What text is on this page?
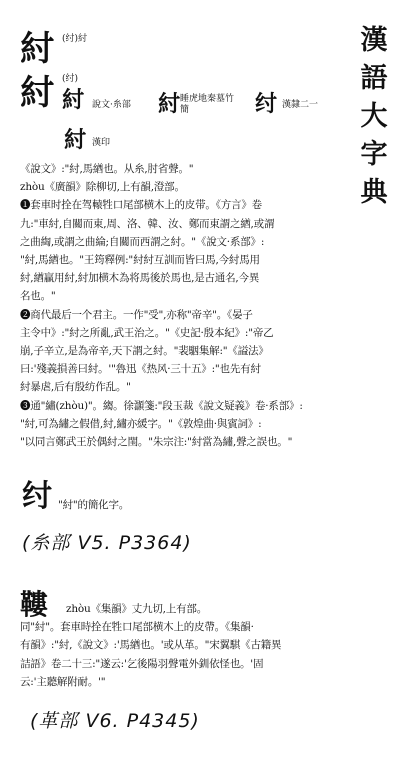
漢
語
大
字
典
紂 (纣)紂
紂 (纣)
紂 說文·糸部 紂 睡虎地秦墓竹簡	纣 漢隸二一
紂 漢印
《說文》:"紂,馬緧也。从糸,肘省聲。"
zhòu《廣韻》除柳切,上有韻,澄部。
❶套車时拴在驾轅牲口尾部横木上的皮带。《方言》卷
九:"車紂,自關而東,周、洛、韓、汝、鄭而東謂之緧,或謂
之曲綯,或謂之曲綸;自關而西謂之紂。"《說文·系部》:
"紂,馬緧也。"王筠釋例:"紂紂互訓而皆曰馬,今紂馬用
紂,緧贏用紂,紂加横木為将馬後於馬也,是古通名,今異
名也。"
❷商代最后一个君主。一作"受",亦称"帝辛"。《晏子
主令中》:"紂之所亂,武王治之。"《史記·殷本紀》:"帝乙
崩,子辛立,是為帝辛,天下謂之紂。"裴駰集解:"《謚法》
曰:'殘義損善曰紂。'"魯迅《热风·三十五》:"也先有紂
紂暴虐,后有殷纺作乱。"
❸通"繡(zhòu)"。縐。徐灝箋:"段玉裁《說文疑義》卷·系部》:
"紂,可為繡之假借,紂,繡亦緩字。"《敦煌曲·與賓詞》:
"以同言鄭武王於偶紂之閨。"朱宗注:"紂當為繡,聲之誤也。"
纣 "紂"的簡化字。
(糸部 V5. P3364)
鞻	zhòu《集韻》丈九切,上有部。
同"紂"。套車時拴在牲口尾部横木上的皮帶。《集韻·
有韻》:"紂,《說文》:'馬緧也。'或从革。"宋翼騏《古籍異
詰語》卷二十三:"遂云:'乞後陽羽聲電外釧依怪也。'固
云:'主聽解附耐。'"
(革部 V6. P4345)
